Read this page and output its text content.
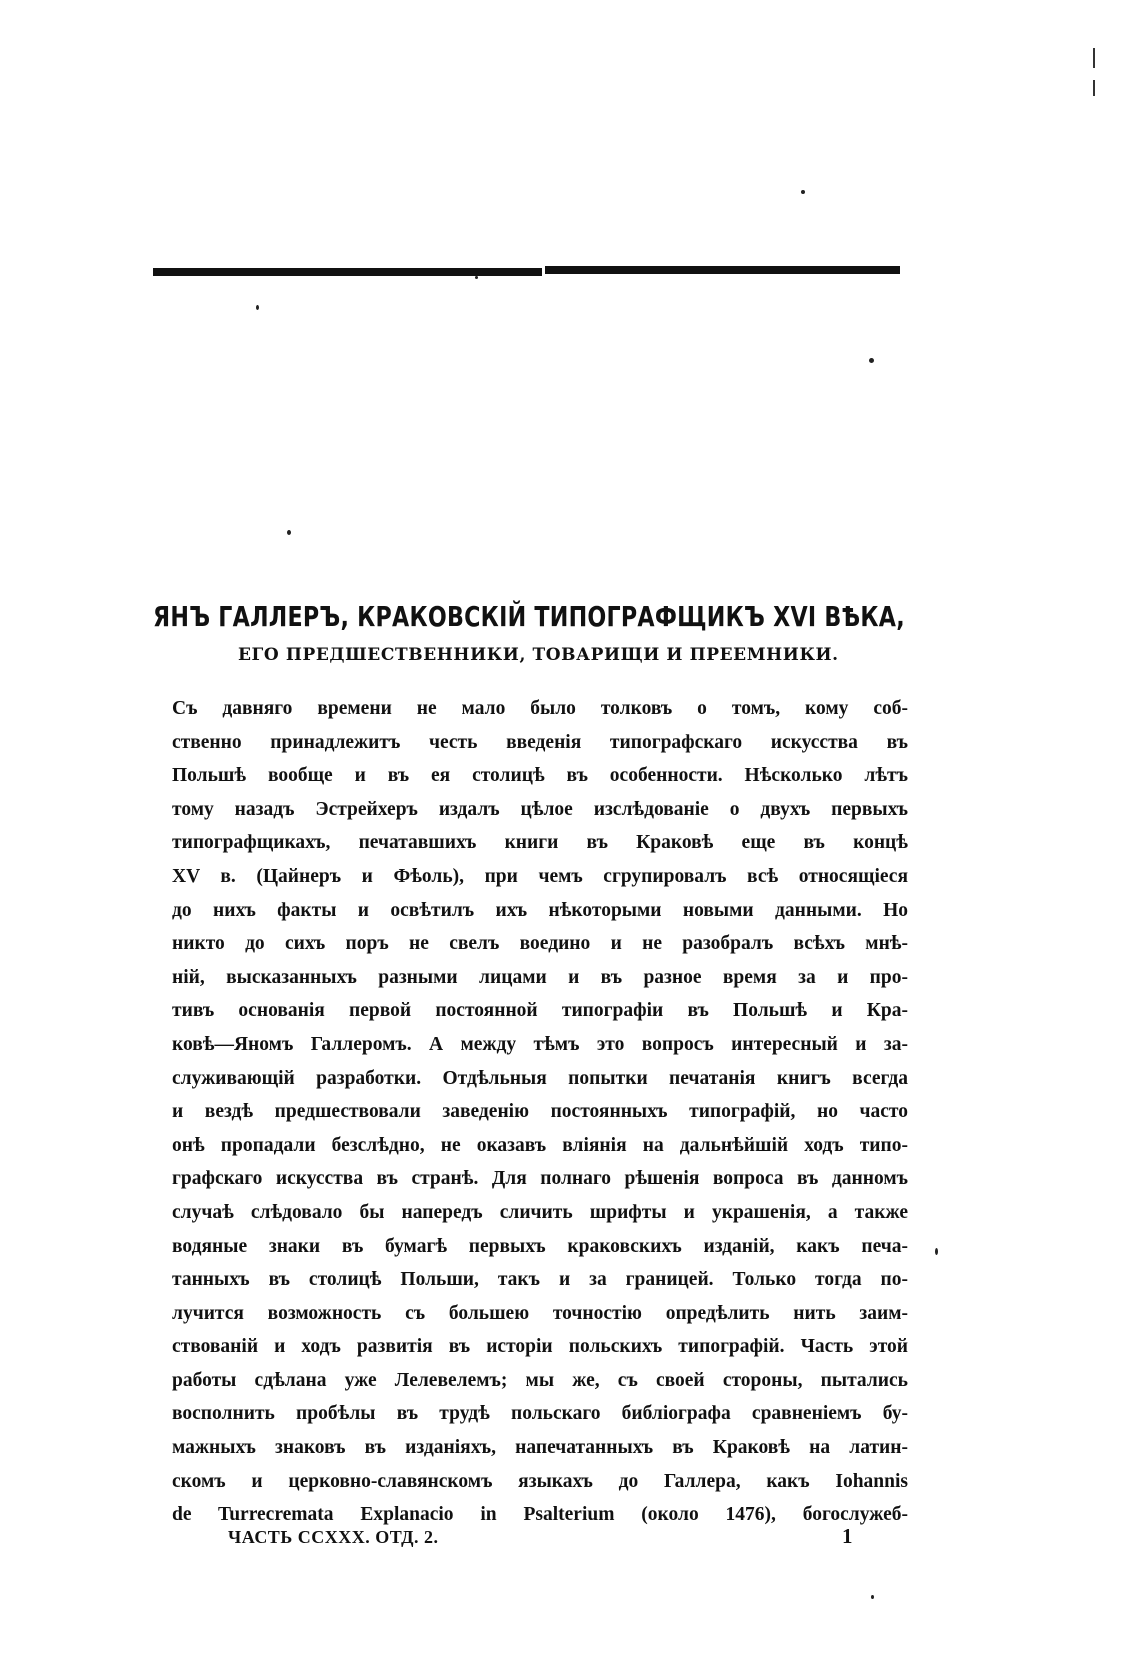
ЯНЪ ГАЛЛЕРЪ, КРАКОВСКІЙ ТИПОГРАФЩИКЪ XVI ВѢКА,
ЕГО ПРЕДШЕСТВЕННИКИ, ТОВАРИЩИ И ПРЕЕМНИКИ.
Съ давняго времени не мало было толковъ о томъ, кому соб-
ственно принадлежитъ честь введенія типографскаго искусства въ
Польшѣ вообще и въ ея столицѣ въ особенности. Нѣсколько лѣтъ
тому назадъ Эстрейхеръ издалъ цѣлое изслѣдованіе о двухъ первыхъ
типографщикахъ, печатавшихъ книги въ Краковѣ еще въ концѣ
XV в. (Цайнеръ и Фѣоль), при чемъ сгрупировалъ всѣ относящіеся
до нихъ факты и освѣтилъ ихъ нѣкоторыми новыми данными. Но
никто до сихъ поръ не свелъ воедино и не разобралъ всѣхъ мнѣ-
ній, высказанныхъ разными лицами и въ разное время за и про-
тивъ основанія первой постоянной типографіи въ Польшѣ и Кра-
ковѣ—Яномъ Галлеромъ. А между тѣмъ это вопросъ интересный и за-
служивающій разработки. Отдѣльныя попытки печатанія книгъ всегда
и вездѣ предшествовали заведенію постоянныхъ типографій, но часто
онѣ пропадали безслѣдно, не оказавъ вліянія на дальнѣйшій ходъ типо-
графскаго искусства въ странѣ. Для полнаго рѣшенія вопроса въ данномъ
случаѣ слѣдовало бы напередъ сличить шрифты и украшенія, а также
водяные знаки въ бумагѣ первыхъ краковскихъ изданій, какъ печа-
танныхъ въ столицѣ Польши, такъ и за границей. Только тогда по-
лучится возможность съ большею точностію опредѣлить нить заим-
ствованій и ходъ развитія въ исторіи польскихъ типографій. Часть этой
работы сдѣлана уже Лелевелемъ; мы же, съ своей стороны, пытались
восполнить пробѣлы въ трудѣ польскаго библіографа сравненіемъ бу-
мажныхъ знаковъ въ изданіяхъ, напечатанныхъ въ Краковѣ на латин-
скомъ и церковно-славянскомъ языкахъ до Галлера, какъ Iohannis
de Turrecremata Explanacio in Psalterium (около 1476), богослужеб-
ЧАСТЬ CCXXX. ОТД. 2.	1
